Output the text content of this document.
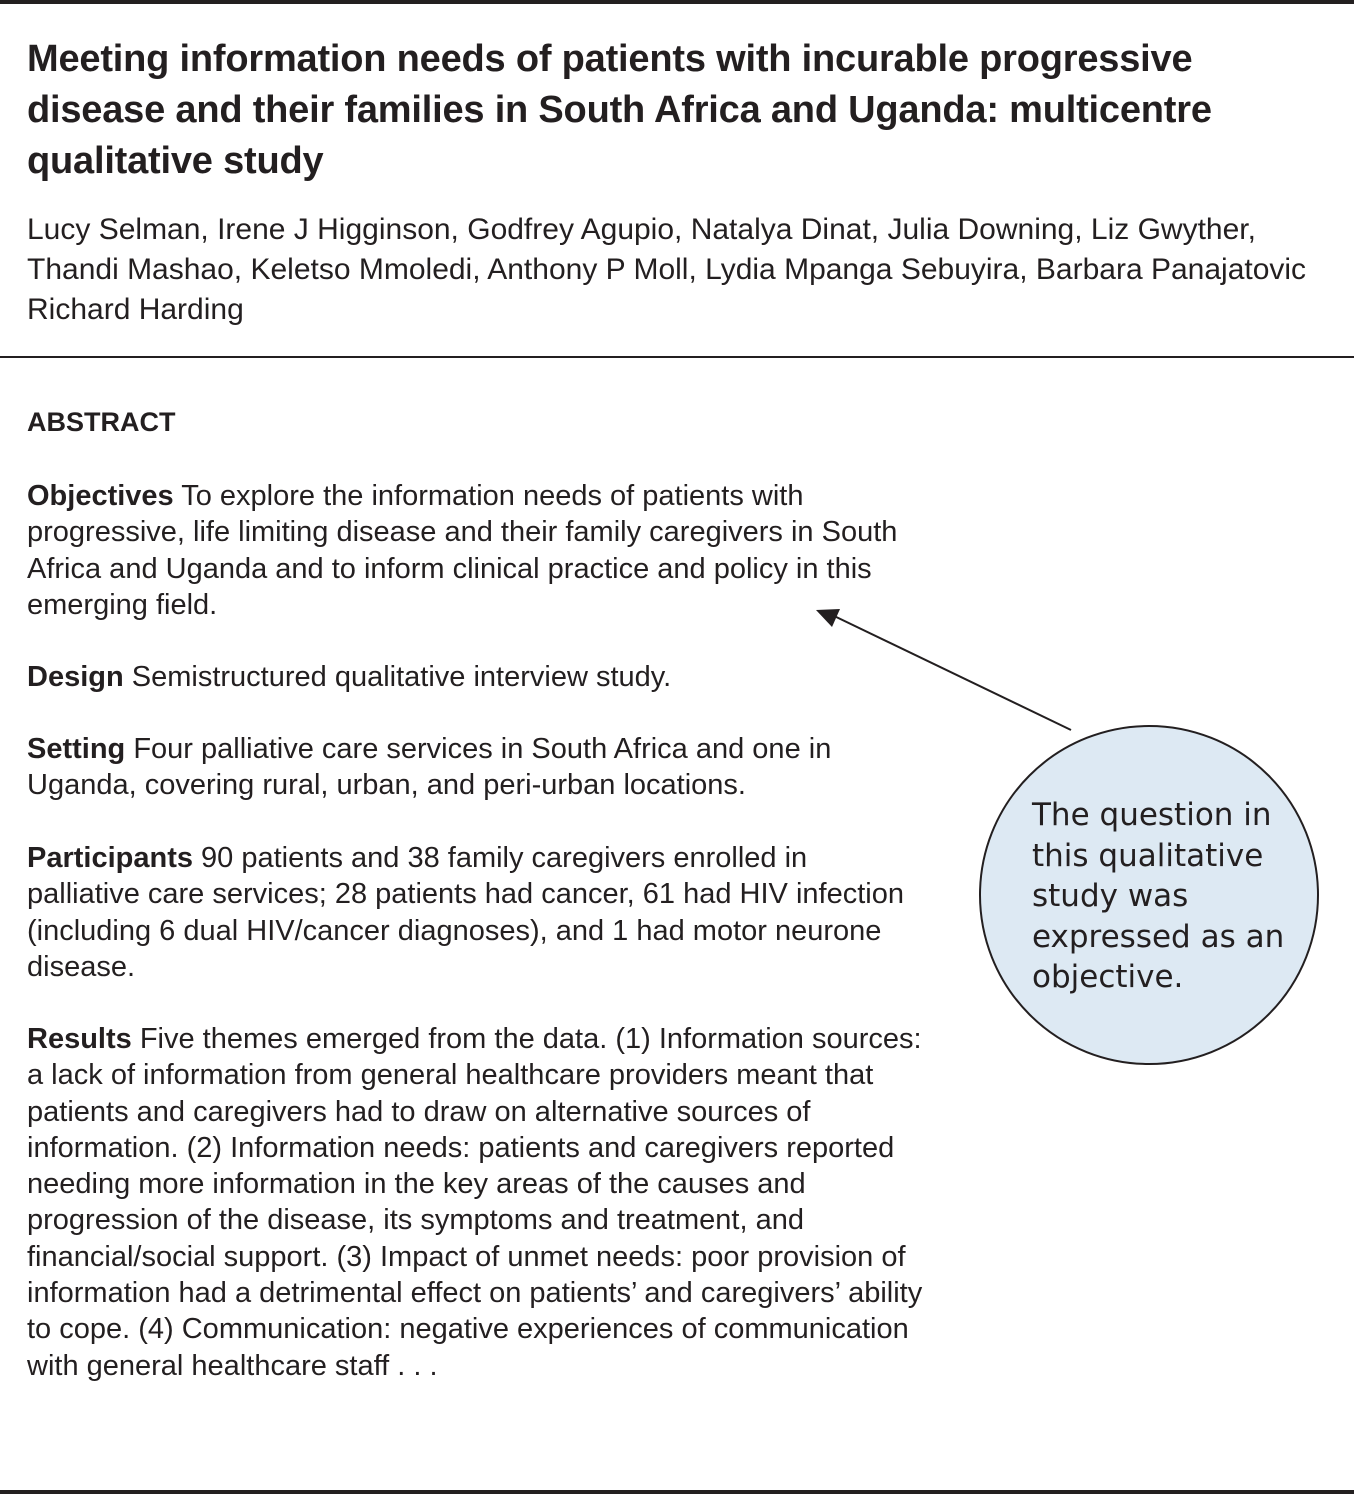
Meeting information needs of patients with incurable progressive disease and their families in South Africa and Uganda: multicentre qualitative study

Lucy Selman, Irene J Higginson, Godfrey Agupio, Natalya Dinat, Julia Downing, Liz Gwyther, Thandi Mashao, Keletso Mmoledi, Anthony P Moll, Lydia Mpanga Sebuyira, Barbara Panajatovic Richard Harding

ABSTRACT

Objectives To explore the information needs of patients with progressive, life limiting disease and their family caregivers in South Africa and Uganda and to inform clinical practice and policy in this emerging field.

Design Semistructured qualitative interview study.

Setting Four palliative care services in South Africa and one in Uganda, covering rural, urban, and peri-urban locations.

Participants 90 patients and 38 family caregivers enrolled in palliative care services; 28 patients had cancer, 61 had HIV infection (including 6 dual HIV/cancer diagnoses), and 1 had motor neurone disease.

Results Five themes emerged from the data. (1) Information sources: a lack of information from general healthcare providers meant that patients and caregivers had to draw on alternative sources of information. (2) Information needs: patients and caregivers reported needing more information in the key areas of the causes and progression of the disease, its symptoms and treatment, and financial/social support. (3) Impact of unmet needs: poor provision of information had a detrimental effect on patients’ and caregivers’ ability to cope. (4) Communication: negative experiences of communication with general healthcare staff . . .

The question in this qualitative study was expressed as an objective.
